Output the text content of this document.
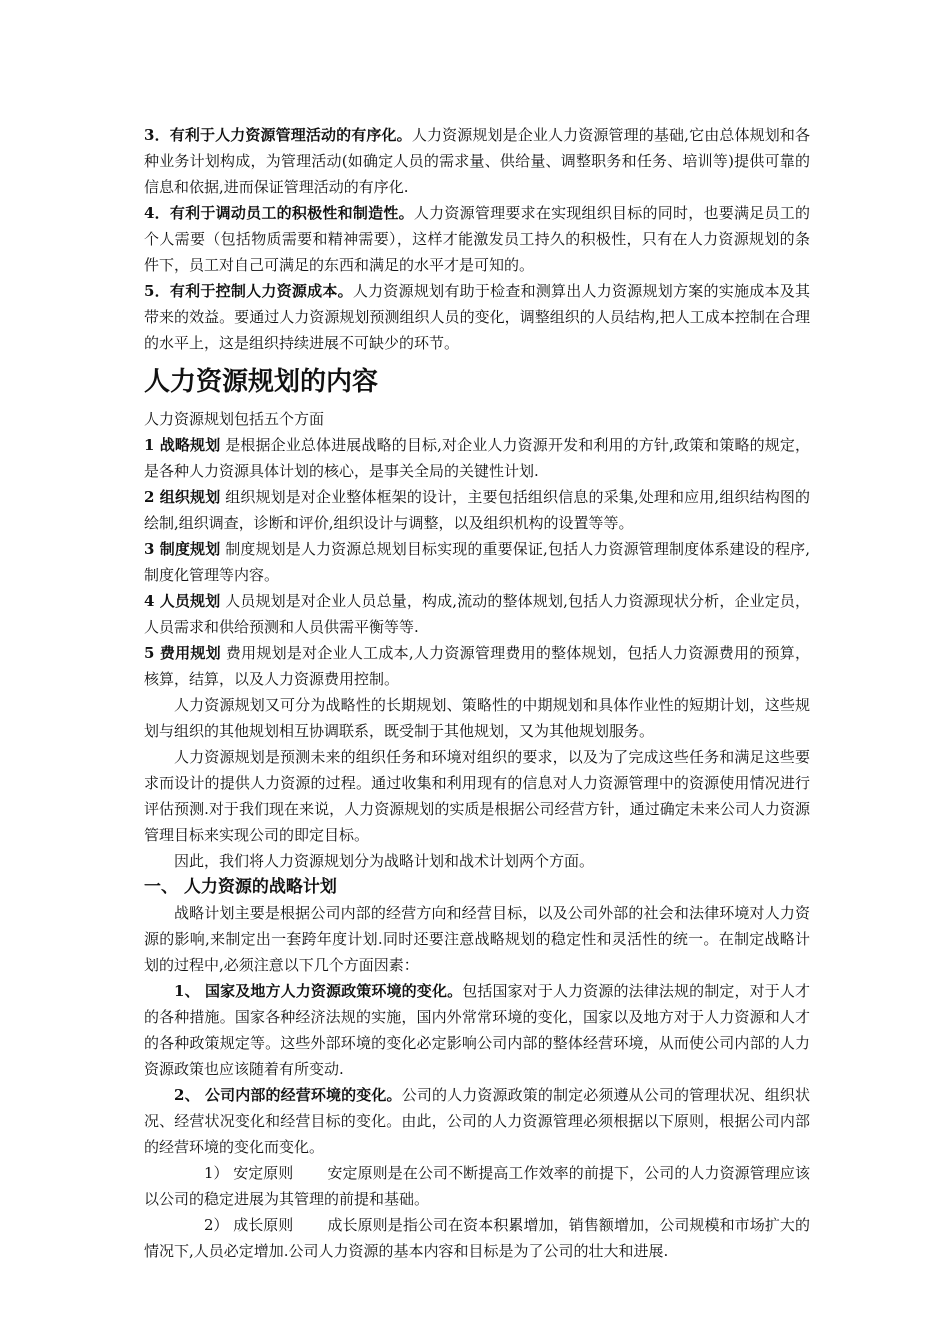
3．有利于人力资源管理活动的有序化。人力资源规划是企业人力资源管理的基础,它由总体规划和各种业务计划构成，为管理活动(如确定人员的需求量、供给量、调整职务和任务、培训等)提供可靠的信息和依据,进而保证管理活动的有序化.

4．有利于调动员工的积极性和制造性。人力资源管理要求在实现组织目标的同时，也要满足员工的个人需要（包括物质需要和精神需要），这样才能激发员工持久的积极性，只有在人力资源规划的条件下，员工对自己可满足的东西和满足的水平才是可知的。

5．有利于控制人力资源成本。人力资源规划有助于检查和测算出人力资源规划方案的实施成本及其带来的效益。要通过人力资源规划预测组织人员的变化，调整组织的人员结构,把人工成本控制在合理的水平上，这是组织持续进展不可缺少的环节。

人力资源规划的内容

人力资源规划包括五个方面

1 战略规划 是根据企业总体进展战略的目标,对企业人力资源开发和利用的方针,政策和策略的规定，是各种人力资源具体计划的核心，是事关全局的关键性计划.

2 组织规划 组织规划是对企业整体框架的设计，主要包括组织信息的采集,处理和应用,组织结构图的绘制,组织调查，诊断和评价,组织设计与调整，以及组织机构的设置等等。

3 制度规划 制度规划是人力资源总规划目标实现的重要保证,包括人力资源管理制度体系建设的程序,制度化管理等内容。

4 人员规划 人员规划是对企业人员总量，构成,流动的整体规划,包括人力资源现状分析，企业定员，人员需求和供给预测和人员供需平衡等等.

5 费用规划 费用规划是对企业人工成本,人力资源管理费用的整体规划，包括人力资源费用的预算，核算，结算，以及人力资源费用控制。

人力资源规划又可分为战略性的长期规划、策略性的中期规划和具体作业性的短期计划，这些规划与组织的其他规划相互协调联系，既受制于其他规划，又为其他规划服务。

人力资源规划是预测未来的组织任务和环境对组织的要求，以及为了完成这些任务和满足这些要求而设计的提供人力资源的过程。通过收集和利用现有的信息对人力资源管理中的资源使用情况进行评估预测.对于我们现在来说，人力资源规划的实质是根据公司经营方针，通过确定未来公司人力资源管理目标来实现公司的即定目标。

因此，我们将人力资源规划分为战略计划和战术计划两个方面。

一、 人力资源的战略计划

战略计划主要是根据公司内部的经营方向和经营目标，以及公司外部的社会和法律环境对人力资源的影响,来制定出一套跨年度计划.同时还要注意战略规划的稳定性和灵活性的统一。在制定战略计划的过程中,必须注意以下几个方面因素：

1、 国家及地方人力资源政策环境的变化。包括国家对于人力资源的法律法规的制定，对于人才的各种措施。国家各种经济法规的实施，国内外常常环境的变化，国家以及地方对于人力资源和人才的各种政策规定等。这些外部环境的变化必定影响公司内部的整体经营环境，从而使公司内部的人力资源政策也应该随着有所变动.

2、 公司内部的经营环境的变化。公司的人力资源政策的制定必须遵从公司的管理状况、组织状况、经营状况变化和经营目标的变化。由此，公司的人力资源管理必须根据以下原则，根据公司内部的经营环境的变化而变化。

1） 安定原则 安定原则是在公司不断提高工作效率的前提下，公司的人力资源管理应该以公司的稳定进展为其管理的前提和基础。

2） 成长原则 成长原则是指公司在资本积累增加，销售额增加，公司规模和市场扩大的情况下,人员必定增加.公司人力资源的基本内容和目标是为了公司的壮大和进展.
